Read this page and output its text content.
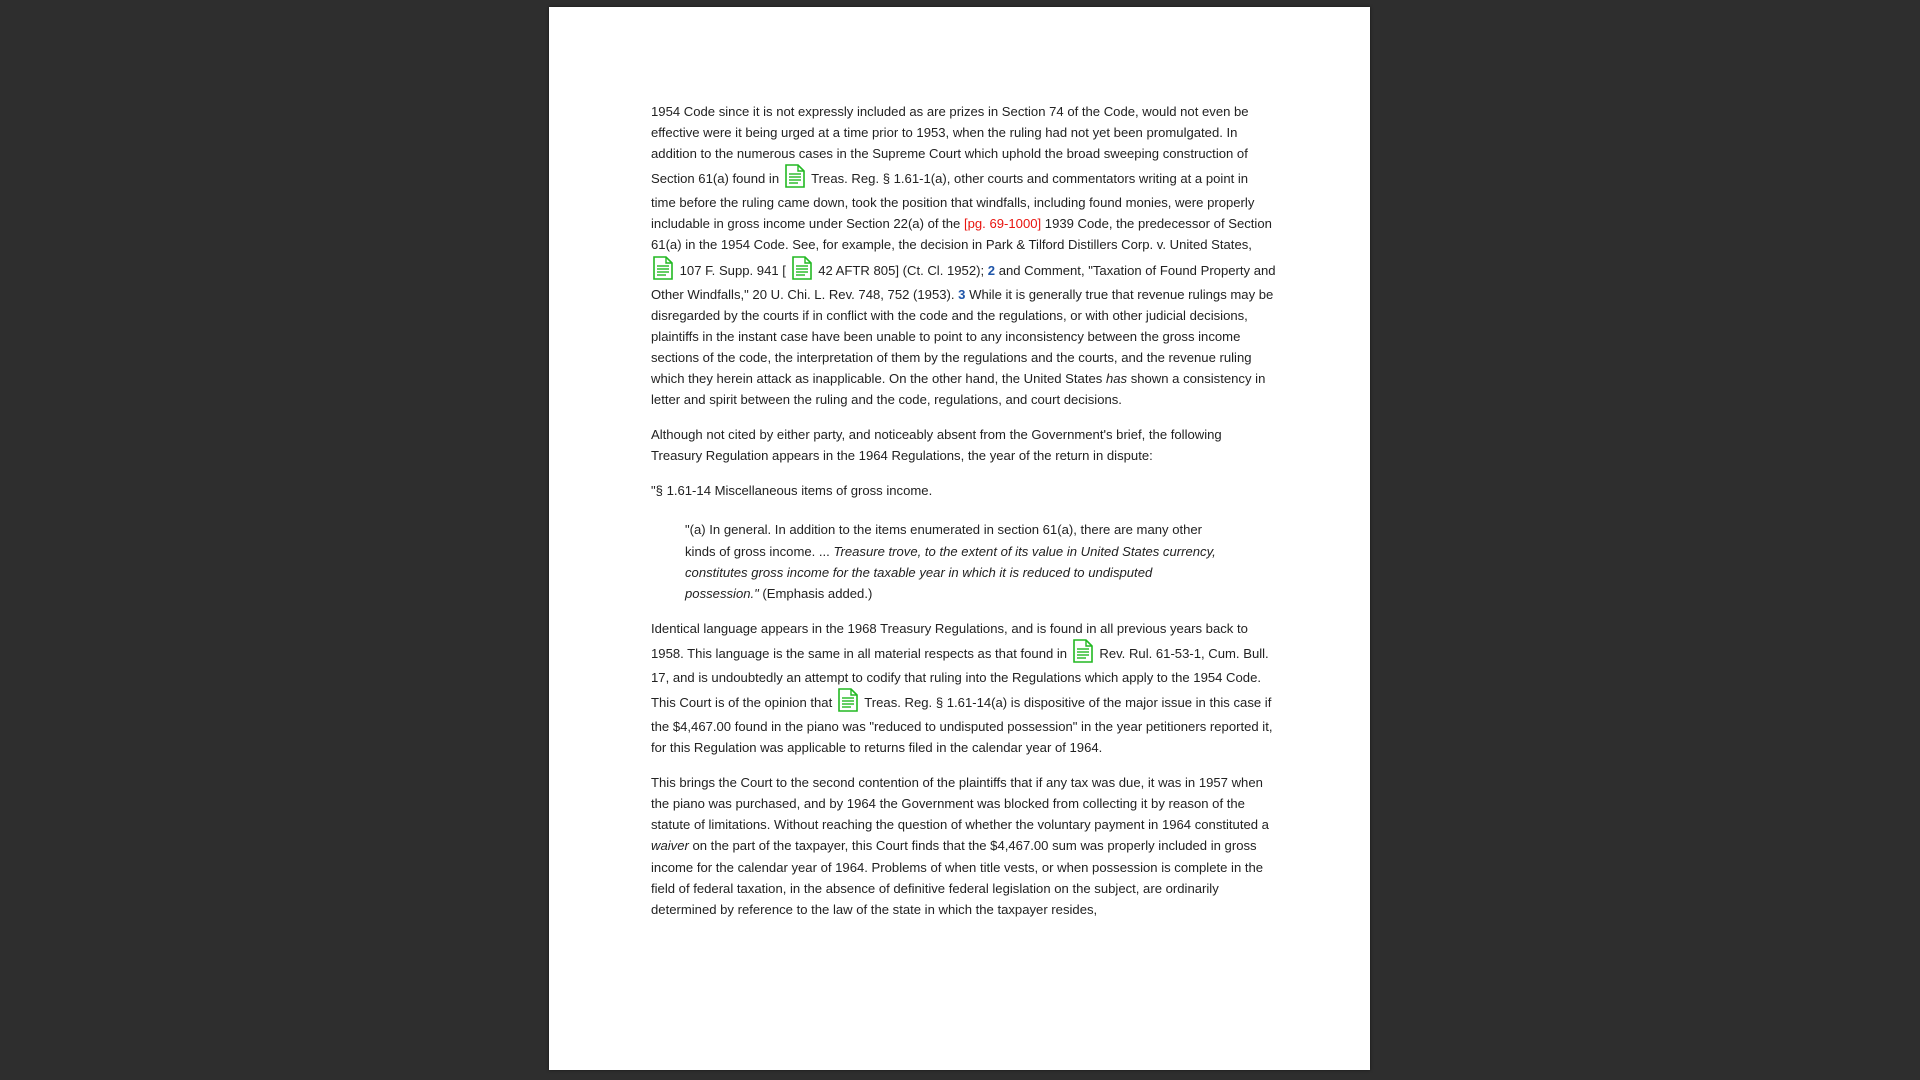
1954 Code since it is not expressly included as are prizes in Section 74 of the Code, would not even be effective were it being urged at a time prior to 1953, when the ruling had not yet been promulgated. In addition to the numerous cases in the Supreme Court which uphold the broad sweeping construction of Section 61(a) found in
Treas. Reg. § 1.61-1(a), other courts and commentators writing at a point in time before the ruling came down, took the position that windfalls, including found monies, were properly includable in gross income under Section 22(a) of the [pg. 69-1000] 1939 Code, the predecessor of Section 61(a) in the 1954 Code. See, for example, the decision in Park & Tilford Distillers Corp. v. United States,
107 F. Supp. 941 [
42 AFTR 805] (Ct. Cl. 1952); 2 and Comment, "Taxation of Found Property and Other Windfalls," 20 U. Chi. L. Rev. 748, 752 (1953). 3 While it is generally true that revenue rulings may be disregarded by the courts if in conflict with the code and the regulations, or with other judicial decisions, plaintiffs in the instant case have been unable to point to any inconsistency between the gross income sections of the code, the interpretation of them by the regulations and the courts, and the revenue ruling which they herein attack as inapplicable. On the other hand, the United States has shown a consistency in letter and spirit between the ruling and the code, regulations, and court decisions.

Although not cited by either party, and noticeably absent from the Government's brief, the following Treasury Regulation appears in the 1964 Regulations, the year of the return in dispute:

"§ 1.61-14 Miscellaneous items of gross income.

"(a) In general. In addition to the items enumerated in section 61(a), there are many other kinds of gross income. ... Treasure trove, to the extent of its value in United States currency, constitutes gross income for the taxable year in which it is reduced to undisputed possession." (Emphasis added.)

Identical language appears in the 1968 Treasury Regulations, and is found in all previous years back to 1958. This language is the same in all material respects as that found in
Rev. Rul. 61-53-1, Cum. Bull. 17, and is undoubtedly an attempt to codify that ruling into the Regulations which apply to the 1954 Code. This Court is of the opinion that
Treas. Reg. § 1.61-14(a) is dispositive of the major issue in this case if the $4,467.00 found in the piano was "reduced to undisputed possession" in the year petitioners reported it, for this Regulation was applicable to returns filed in the calendar year of 1964.

This brings the Court to the second contention of the plaintiffs that if any tax was due, it was in 1957 when the piano was purchased, and by 1964 the Government was blocked from collecting it by reason of the statute of limitations. Without reaching the question of whether the voluntary payment in 1964 constituted a waiver on the part of the taxpayer, this Court finds that the $4,467.00 sum was properly included in gross income for the calendar year of 1964. Problems of when title vests, or when possession is complete in the field of federal taxation, in the absence of definitive federal legislation on the subject, are ordinarily determined by reference to the law of the state in which the taxpayer resides,
